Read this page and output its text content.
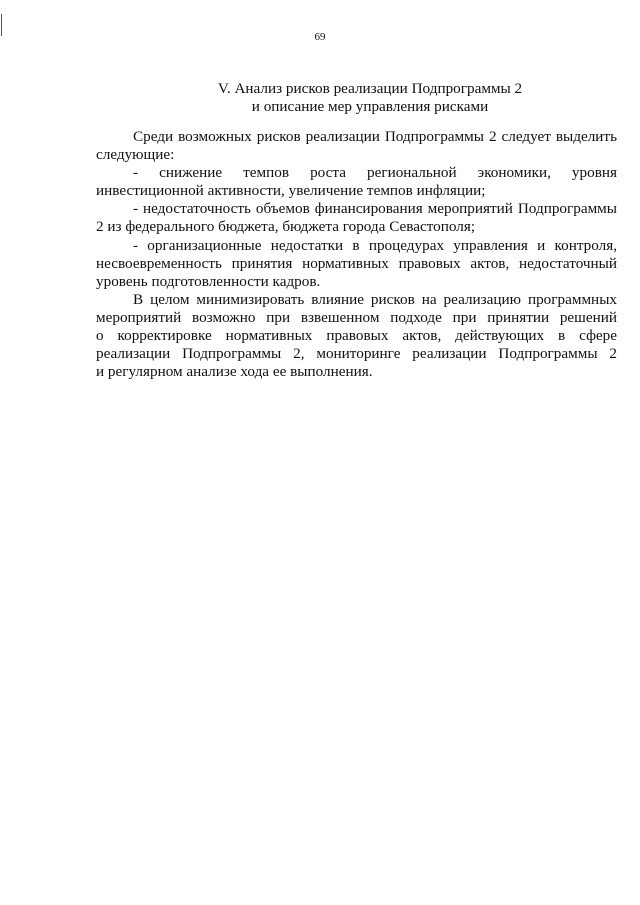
69
V. Анализ рисков реализации Подпрограммы 2
и описание мер управления рисками

Среди возможных рисков реализации Подпрограммы 2 следует выделить
следующие:

- снижение темпов роста региональной экономики, уровня
инвестиционной активности, увеличение темпов инфляции;

- недостаточность объемов финансирования мероприятий Подпрограммы
2 из федерального бюджета, бюджета города Севастополя;

- организационные недостатки в процедурах управления и контроля,
несвоевременность принятия нормативных правовых актов, недостаточный
уровень подготовленности кадров.

В целом минимизировать влияние рисков на реализацию программных
мероприятий возможно при взвешенном подходе при принятии решений
о корректировке нормативных правовых актов, действующих в сфере
реализации Подпрограммы 2, мониторинге реализации Подпрограммы 2
и регулярном анализе хода ее выполнения.
